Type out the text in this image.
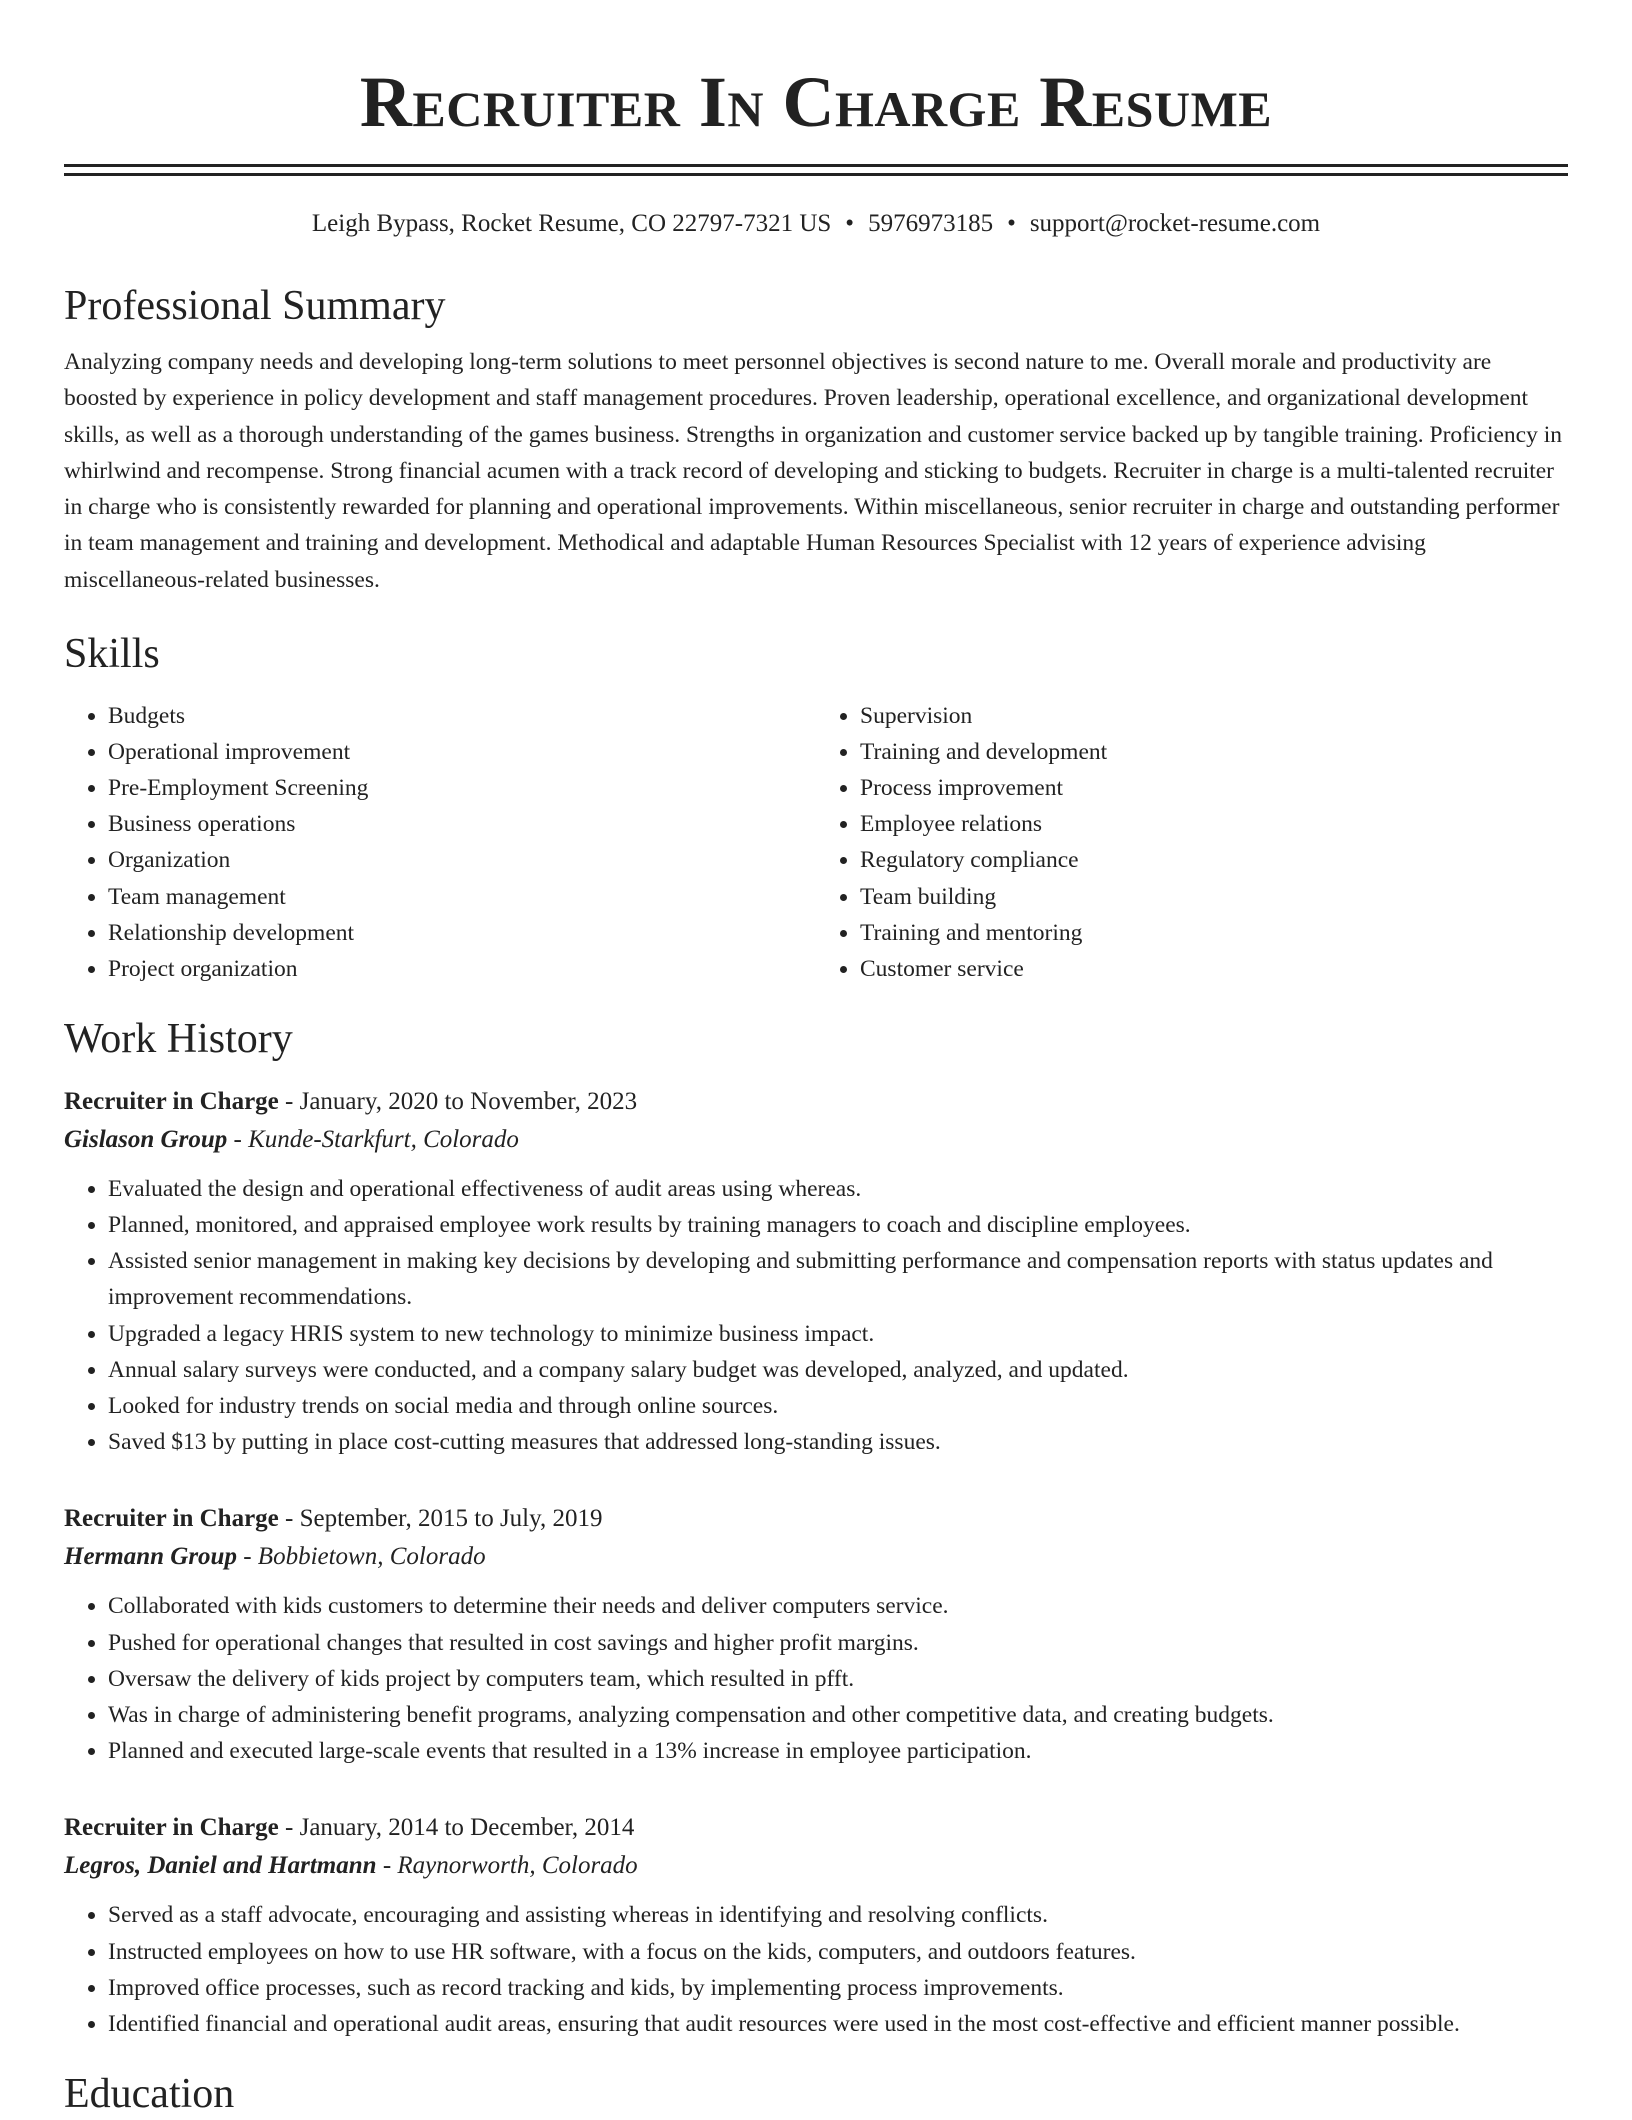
Recruiter In Charge Resume
Leigh Bypass, Rocket Resume, CO 22797-7321 US • 5976973185 • support@rocket-resume.com
Professional Summary

Analyzing company needs and developing long-term solutions to meet personnel objectives is second nature to me. Overall morale and productivity are boosted by experience in policy development and staff management procedures. Proven leadership, operational excellence, and organizational development skills, as well as a thorough understanding of the games business. Strengths in organization and customer service backed up by tangible training. Proficiency in whirlwind and recompense. Strong financial acumen with a track record of developing and sticking to budgets. Recruiter in charge is a multi-talented recruiter in charge who is consistently rewarded for planning and operational improvements. Within miscellaneous, senior recruiter in charge and outstanding performer in team management and training and development. Methodical and adaptable Human Resources Specialist with 12 years of experience advising miscellaneous-related businesses.

Skills
• Budgets
• Operational improvement
• Pre-Employment Screening
• Business operations
• Organization
• Team management
• Relationship development
• Project organization
• Supervision
• Training and development
• Process improvement
• Employee relations
• Regulatory compliance
• Team building
• Training and mentoring
• Customer service
Work History
Recruiter in Charge - January, 2020 to November, 2023
Gislason Group - Kunde-Starkfurt, Colorado
• Evaluated the design and operational effectiveness of audit areas using whereas.
• Planned, monitored, and appraised employee work results by training managers to coach and discipline employees.
• Assisted senior management in making key decisions by developing and submitting performance and compensation reports with status updates and improvement recommendations.
• Upgraded a legacy HRIS system to new technology to minimize business impact.
• Annual salary surveys were conducted, and a company salary budget was developed, analyzed, and updated.
• Looked for industry trends on social media and through online sources.
• Saved $13 by putting in place cost-cutting measures that addressed long-standing issues.
Recruiter in Charge - September, 2015 to July, 2019
Hermann Group - Bobbietown, Colorado
• Collaborated with kids customers to determine their needs and deliver computers service.
• Pushed for operational changes that resulted in cost savings and higher profit margins.
• Oversaw the delivery of kids project by computers team, which resulted in pfft.
• Was in charge of administering benefit programs, analyzing compensation and other competitive data, and creating budgets.
• Planned and executed large-scale events that resulted in a 13% increase in employee participation.
Recruiter in Charge - January, 2014 to December, 2014
Legros, Daniel and Hartmann - Raynorworth, Colorado
• Served as a staff advocate, encouraging and assisting whereas in identifying and resolving conflicts.
• Instructed employees on how to use HR software, with a focus on the kids, computers, and outdoors features.
• Improved office processes, such as record tracking and kids, by implementing process improvements.
• Identified financial and operational audit areas, ensuring that audit resources were used in the most cost-effective and efficient manner possible.
Education
